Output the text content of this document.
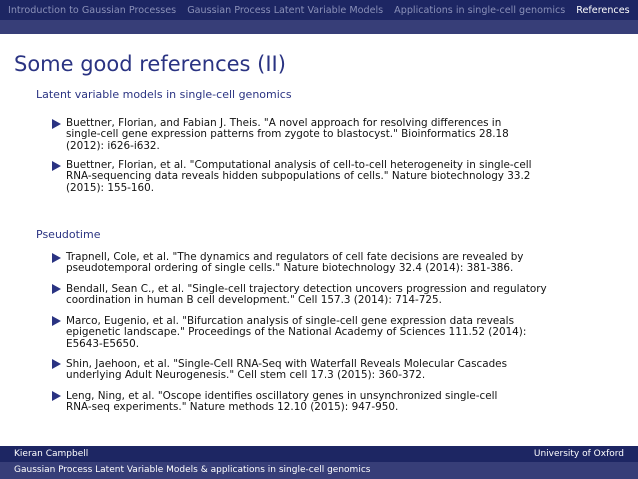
Introduction to Gaussian Processes Gaussian Process Latent Variable Models Applications in single-cell genomics References
Some good references (II)
Latent variable models in single-cell genomics
Buettner, Florian, and Fabian J. Theis. "A novel approach for resolving differences in
single-cell gene expression patterns from zygote to blastocyst." Bioinformatics 28.18
(2012): i626-i632.
Buettner, Florian, et al. "Computational analysis of cell-to-cell heterogeneity in single-cell
RNA-sequencing data reveals hidden subpopulations of cells." Nature biotechnology 33.2
(2015): 155-160.
Pseudotime
Trapnell, Cole, et al. "The dynamics and regulators of cell fate decisions are revealed by
pseudotemporal ordering of single cells." Nature biotechnology 32.4 (2014): 381-386.
Bendall, Sean C., et al. "Single-cell trajectory detection uncovers progression and regulatory
coordination in human B cell development." Cell 157.3 (2014): 714-725.
Marco, Eugenio, et al. "Bifurcation analysis of single-cell gene expression data reveals
epigenetic landscape." Proceedings of the National Academy of Sciences 111.52 (2014):
E5643-E5650.
Shin, Jaehoon, et al. "Single-Cell RNA-Seq with Waterfall Reveals Molecular Cascades
underlying Adult Neurogenesis." Cell stem cell 17.3 (2015): 360-372.
Leng, Ning, et al. "Oscope identifies oscillatory genes in unsynchronized single-cell
RNA-seq experiments." Nature methods 12.10 (2015): 947-950.
Kieran Campbell	University of Oxford
Gaussian Process Latent Variable Models & applications in single-cell genomics
